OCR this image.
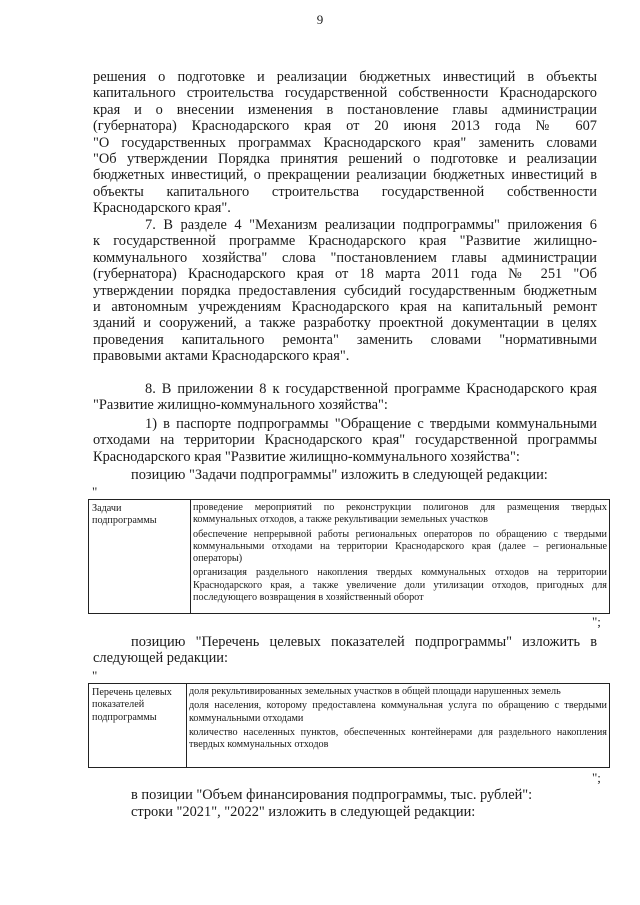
9
решения о подготовке и реализации бюджетных инвестиций в объекты
капитального строительства государственной собственности Краснодарского
края и о внесении изменения в постановление главы администрации
(губернатора) Краснодарского края от 20 июня 2013 года № 607
"О государственных программах Краснодарского края" заменить словами
"Об утверждении Порядка принятия решений о подготовке и реализации
бюджетных инвестиций, о прекращении реализации бюджетных инвестиций в
объекты капитального строительства государственной собственности
Краснодарского края".
7. В разделе 4 "Механизм реализации подпрограммы" приложения 6
к государственной программе Краснодарского края "Развитие жилищно-
коммунального хозяйства" слова "постановлением главы администрации
(губернатора) Краснодарского края от 18 марта 2011 года № 251 "Об
утверждении порядка предоставления субсидий государственным бюджетным
и автономным учреждениям Краснодарского края на капитальный ремонт
зданий и сооружений, а также разработку проектной документации в целях
проведения капитального ремонта" заменить словами "нормативными
правовыми актами Краснодарского края".
8. В приложении 8 к государственной программе Краснодарского края
"Развитие жилищно-коммунального хозяйства":
1) в паспорте подпрограммы "Обращение с твердыми коммунальными
отходами на территории Краснодарского края" государственной программы
Краснодарского края "Развитие жилищно-коммунального хозяйства":
позицию "Задачи подпрограммы" изложить в следующей редакции:
"
Задачи подпрограммы

проведение мероприятий по реконструкции полигонов для размещения твердых коммунальных отходов, а также рекультивации земельных участков

обеспечение непрерывной работы региональных операторов по обращению с твердыми коммунальными отходами на территории Краснодарского края (далее – региональные операторы)

организация раздельного накопления твердых коммунальных отходов на территории Краснодарского края, а также увеличение доли утилизации отходов, пригодных для последующего возвращения в хозяйственный оборот

";
позицию "Перечень целевых показателей подпрограммы" изложить в
следующей редакции:
"
Перечень целевых показателей подпрограммы

доля рекультивированных земельных участков в общей площади нарушенных земель

доля населения, которому предоставлена коммунальная услуга по обращению с твердыми коммунальными отходами

количество населенных пунктов, обеспеченных контейнерами для раздельного накопления твердых коммунальных отходов

";
в позиции "Объем финансирования подпрограммы, тыс. рублей":
строки "2021", "2022" изложить в следующей редакции:
